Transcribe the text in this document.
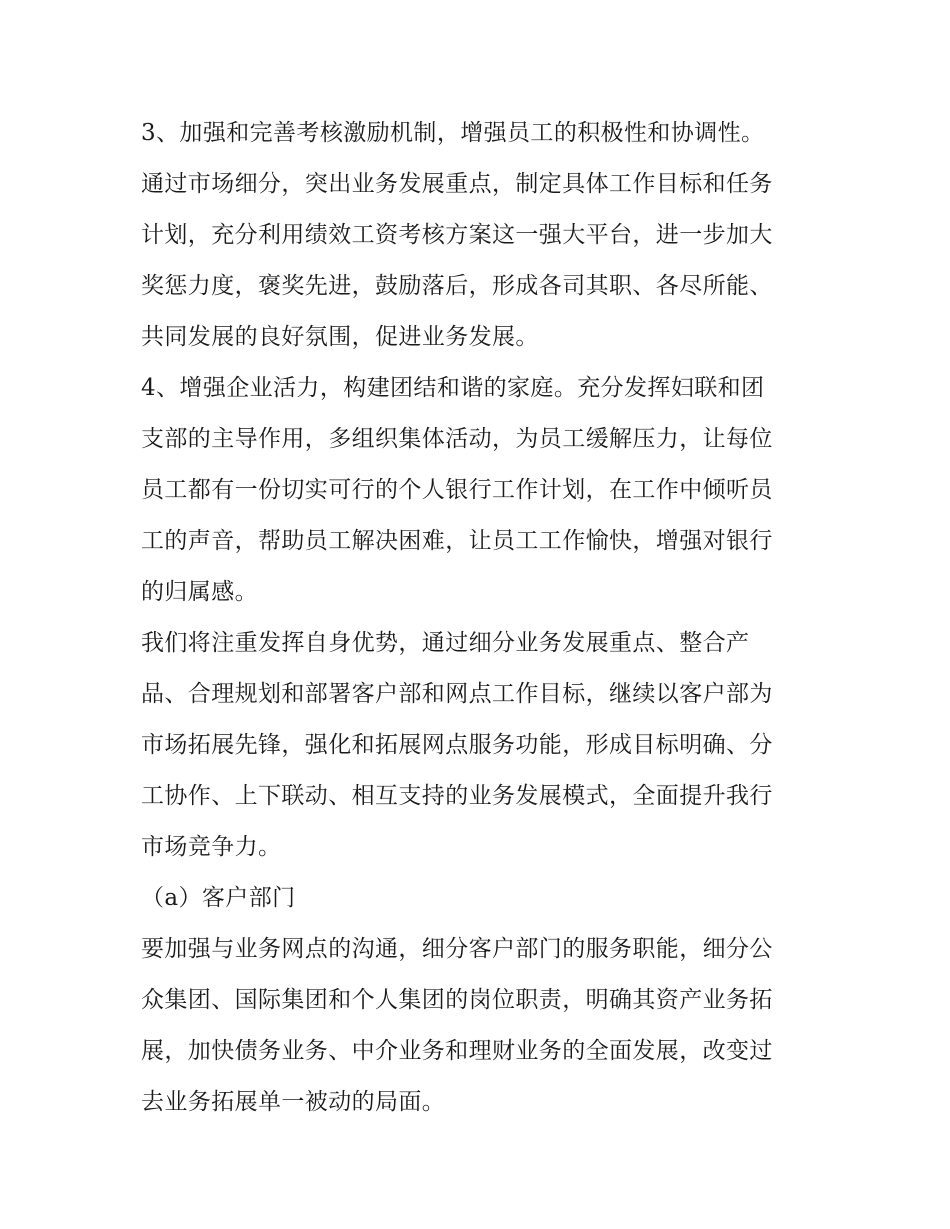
3、加强和完善考核激励机制，增强员工的积极性和协调性。
通过市场细分，突出业务发展重点，制定具体工作目标和任务
计划，充分利用绩效工资考核方案这一强大平台，进一步加大
奖惩力度，褒奖先进，鼓励落后，形成各司其职、各尽所能、
共同发展的良好氛围，促进业务发展。
4、增强企业活力，构建团结和谐的家庭。充分发挥妇联和团
支部的主导作用，多组织集体活动，为员工缓解压力，让每位
员工都有一份切实可行的个人银行工作计划，在工作中倾听员
工的声音，帮助员工解决困难，让员工工作愉快，增强对银行
的归属感。
我们将注重发挥自身优势，通过细分业务发展重点、整合产
品、合理规划和部署客户部和网点工作目标，继续以客户部为
市场拓展先锋，强化和拓展网点服务功能，形成目标明确、分
工协作、上下联动、相互支持的业务发展模式，全面提升我行
市场竞争力。
（a）客户部门
要加强与业务网点的沟通，细分客户部门的服务职能，细分公
众集团、国际集团和个人集团的岗位职责，明确其资产业务拓
展，加快债务业务、中介业务和理财业务的全面发展，改变过
去业务拓展单一被动的局面。
